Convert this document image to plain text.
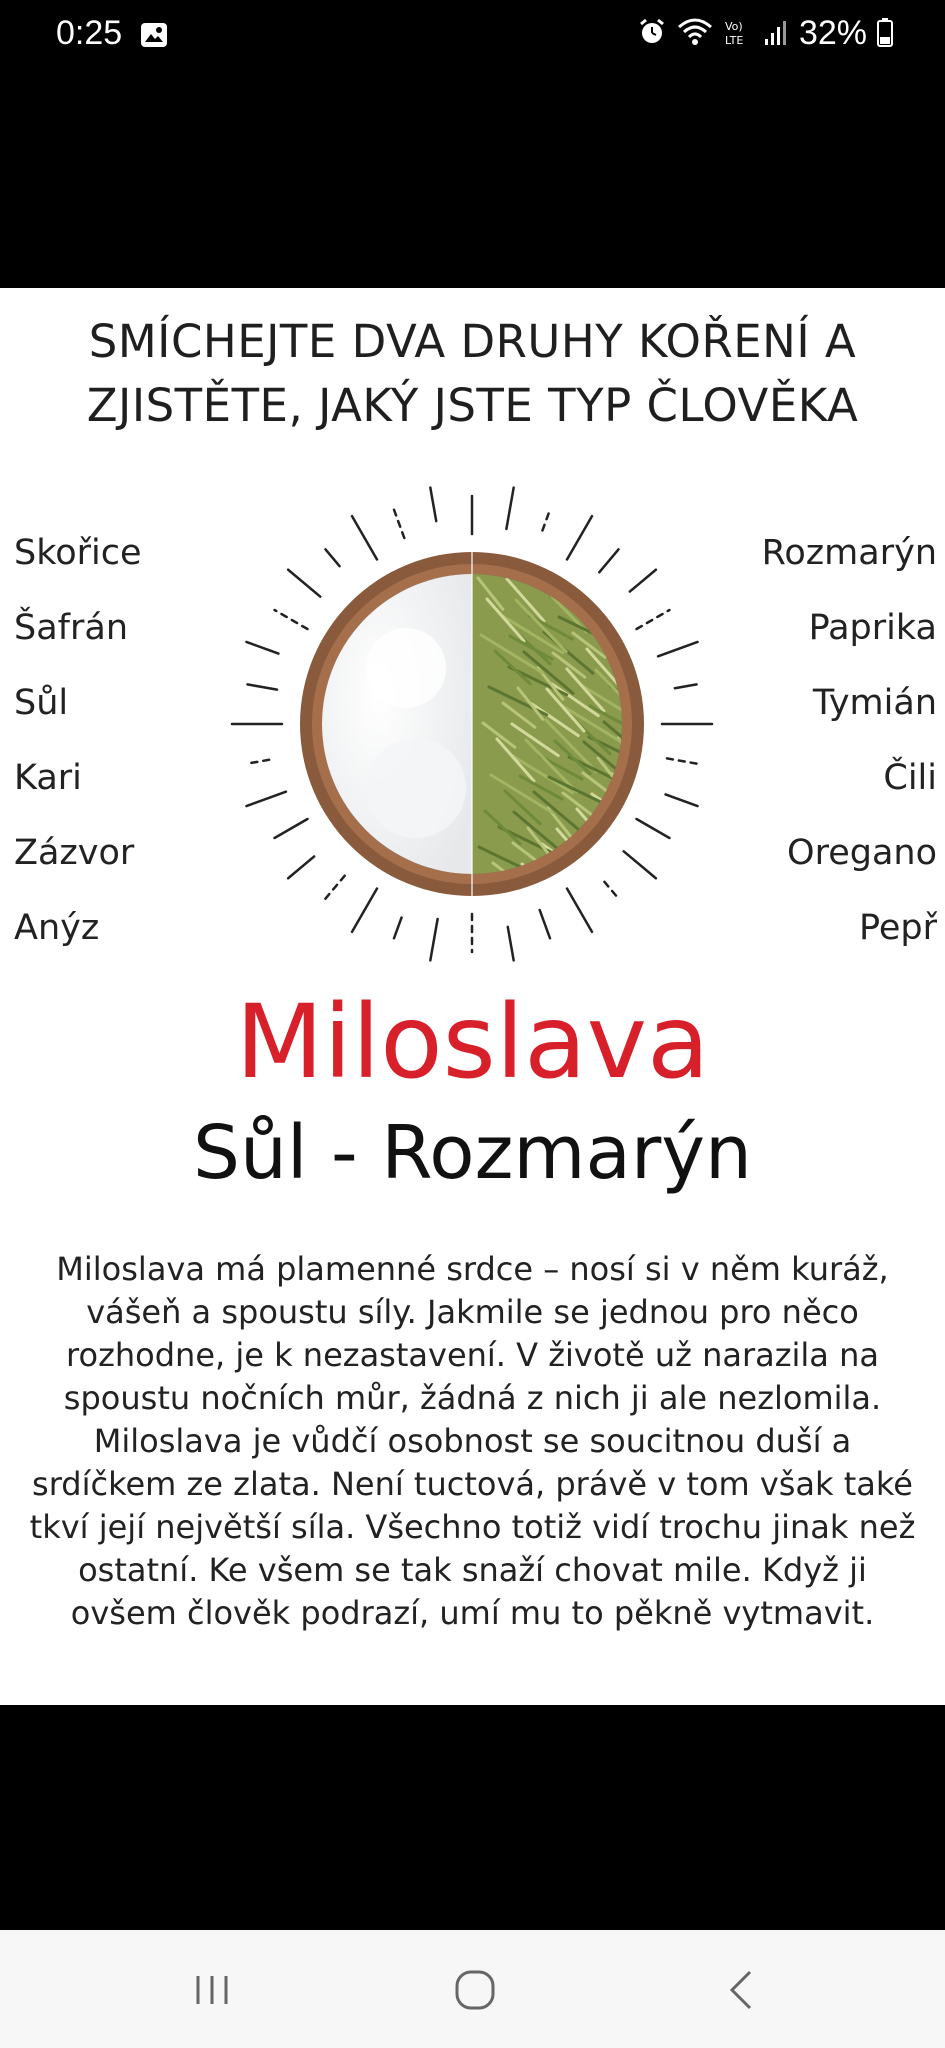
0:25	Vo)
LTE 32%
SMÍCHEJTE DVA DRUHY KOŘENÍ A
ZJISTĚTE, JAKÝ JSTE TYP ČLOVĚKA
Skořice
Šafrán
Sůl
Kari
Zázvor
Anýz
Rozmarýn
Paprika
Tymián
Čili
Oregano
Pepř
Miloslava
Sůl - Rozmarýn
Miloslava má plamenné srdce – nosí si v něm kuráž, vášeň a spoustu síly. Jakmile se jednou pro něco rozhodne, je k nezastavení. V životě už narazila na spoustu nočních můr, žádná z nich ji ale nezlomila. Miloslava je vůdčí osobnost se soucitnou duší a srdíčkem ze zlata. Není tuctová, právě v tom však také tkví její největší síla. Všechno totiž vidí trochu jinak než ostatní. Ke všem se tak snaží chovat mile. Když ji ovšem člověk podrazí, umí mu to pěkně vytmavit.
